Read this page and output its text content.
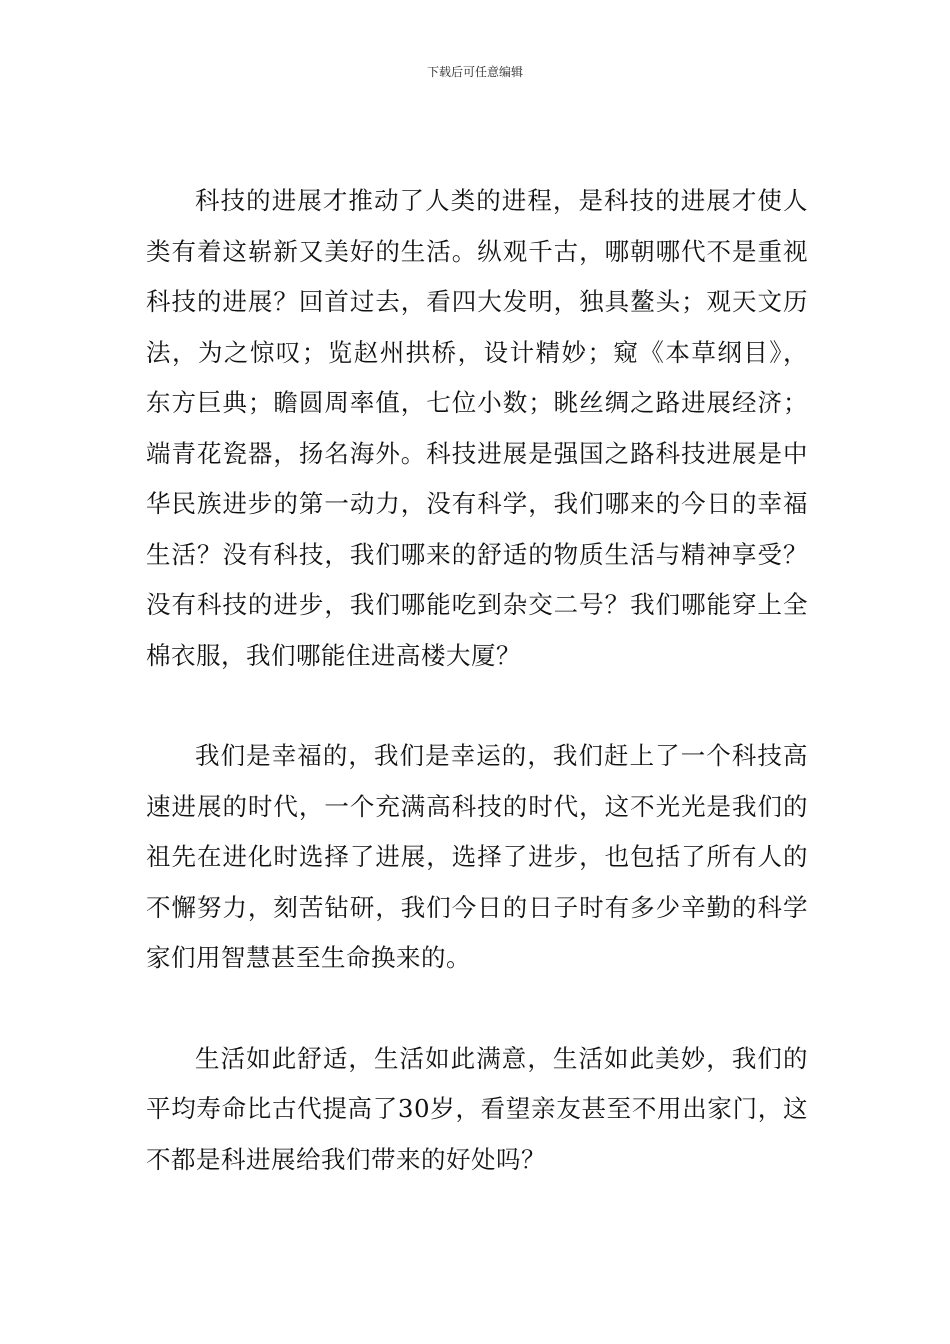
下载后可任意编辑

科技的进展才推动了人类的进程，是科技的进展才使人类有着这崭新又美好的生活。纵观千古，哪朝哪代不是重视科技的进展？回首过去，看四大发明，独具鳌头；观天文历法，为之惊叹；览赵州拱桥，设计精妙；窥《本草纲目》，东方巨典；瞻圆周率值，七位小数；眺丝绸之路进展经济；端青花瓷器，扬名海外。科技进展是强国之路科技进展是中华民族进步的第一动力，没有科学，我们哪来的今日的幸福生活？没有科技，我们哪来的舒适的物质生活与精神享受？没有科技的进步，我们哪能吃到杂交二号？我们哪能穿上全棉衣服，我们哪能住进高楼大厦？

我们是幸福的，我们是幸运的，我们赶上了一个科技高速进展的时代，一个充满高科技的时代，这不光光是我们的祖先在进化时选择了进展，选择了进步，也包括了所有人的不懈努力，刻苦钻研，我们今日的日子时有多少辛勤的科学家们用智慧甚至生命换来的。

生活如此舒适，生活如此满意，生活如此美妙，我们的平均寿命比古代提高了30岁，看望亲友甚至不用出家门，这不都是科进展给我们带来的好处吗？
